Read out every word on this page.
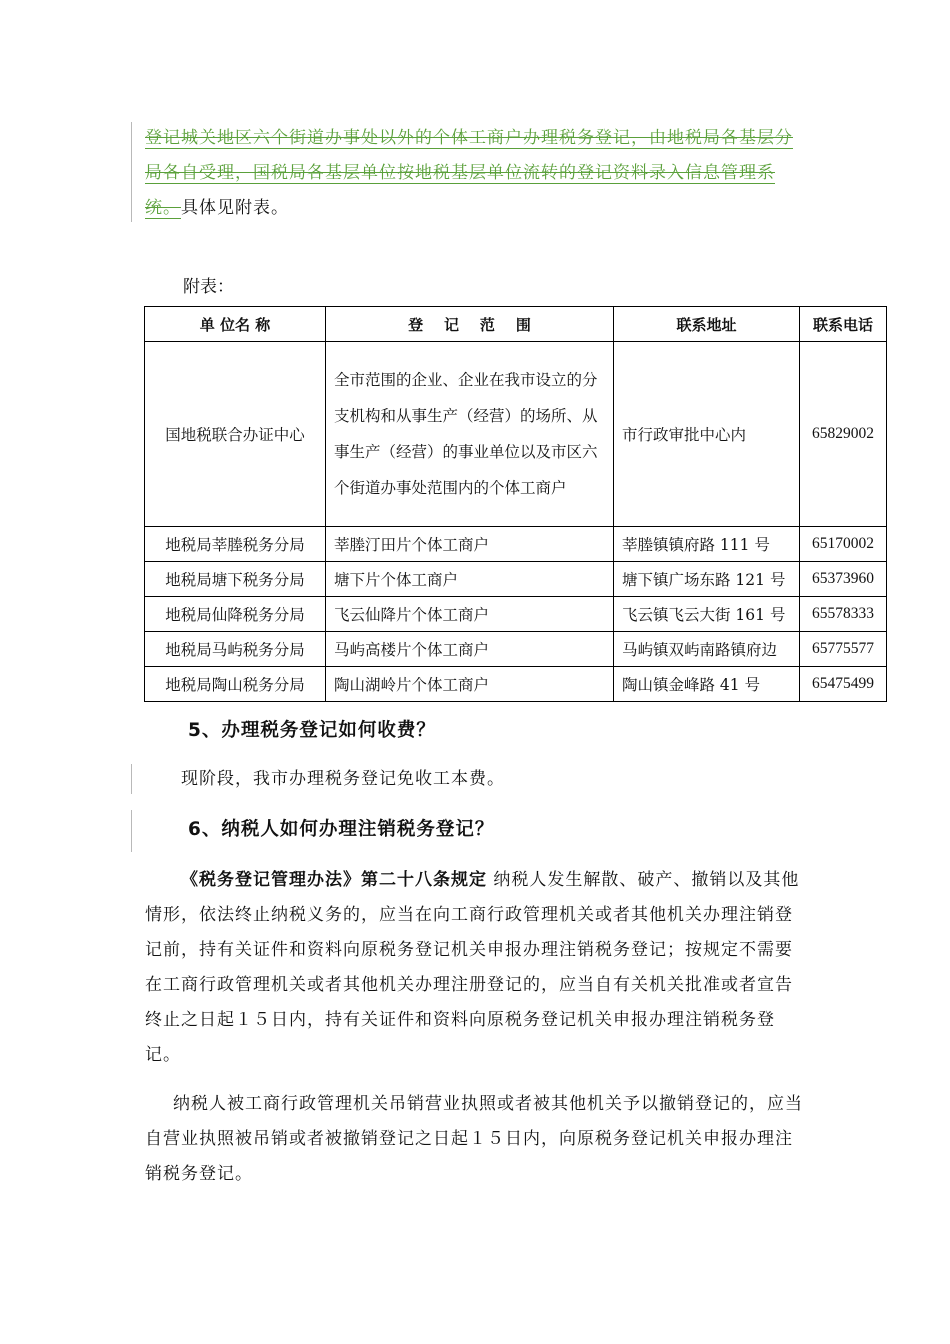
登记城关地区六个街道办事处以外的个体工商户办理税务登记，由地税局各基层分局各自受理，国税局各基层单位按地税基层单位流转的登记资料录入信息管理系统。具体见附表。
附表：
单 位名 称	登    记    范    围	联系地址	联系电话
国地税联合办证中心	全市范围的企业、企业在我市设立的分支机构和从事生产（经营）的场所、从事生产（经营）的事业单位以及市区六个街道办事处范围内的个体工商户	市行政审批中心内	65829002
地税局莘塍税务分局	莘塍汀田片个体工商户	莘塍镇镇府路 111 号	65170002
地税局塘下税务分局	塘下片个体工商户	塘下镇广场东路 121 号	65373960
地税局仙降税务分局	飞云仙降片个体工商户	飞云镇飞云大街 161 号	65578333
地税局马屿税务分局	马屿高楼片个体工商户	马屿镇双屿南路镇府边	65775577
地税局陶山税务分局	陶山湖岭片个体工商户	陶山镇金峰路 41 号	65475499
5、办理税务登记如何收费？
现阶段，我市办理税务登记免收工本费。
6、纳税人如何办理注销税务登记？
《税务登记管理办法》第二十八条规定 纳税人发生解散、破产、撤销以及其他情形，依法终止纳税义务的，应当在向工商行政管理机关或者其他机关办理注销登记前，持有关证件和资料向原税务登记机关申报办理注销税务登记；按规定不需要在工商行政管理机关或者其他机关办理注册登记的，应当自有关机关批准或者宣告终止之日起１５日内，持有关证件和资料向原税务登记机关申报办理注销税务登记。
纳税人被工商行政管理机关吊销营业执照或者被其他机关予以撤销登记的，应当自营业执照被吊销或者被撤销登记之日起１５日内，向原税务登记机关申报办理注销税务登记。
